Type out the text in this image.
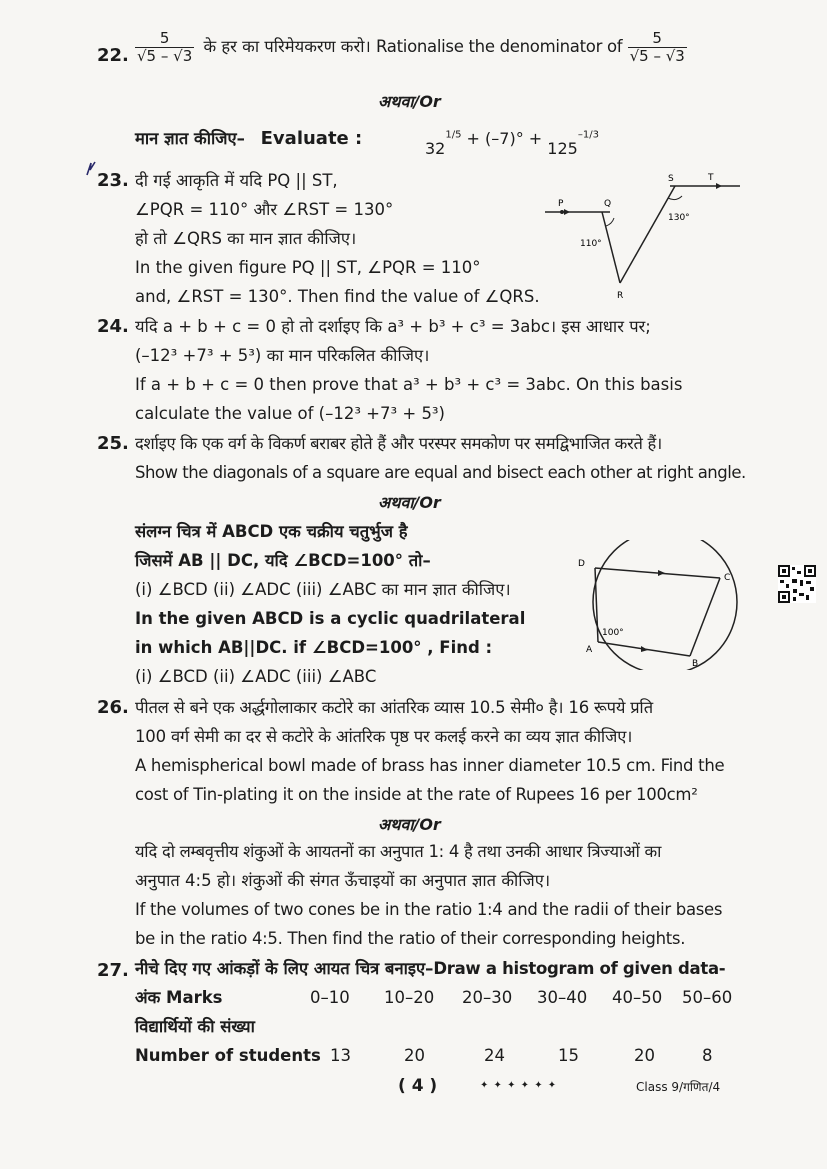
22. $\frac{5}{√5 - √3}$ के हर का परिमेयकरण करो। Rationalise the denominator of $\frac{5}{√5 - √3}$
अथवा/Or
मान ज्ञात कीजिए– Evaluate :	$32^{1/5} + (-7)^\circ + 125^{-1/3}$
23. दी गई आकृति में यदि PQ || ST,
∠PQR = 110° और ∠RST = 130°
हो तो ∠QRS का मान ज्ञात कीजिए।
In the given figure PQ || ST, ∠PQR = 110°
and, ∠RST = 130°. Then find the value of ∠QRS.
P	Q
R
S	T
110°
130°
24. यदि a + b + c = 0 हो तो दर्शाइए कि a³ + b³ + c³ = 3abc। इस आधार पर;
(–12³ +7³ + 5³) का मान परिकलित कीजिए।
If a + b + c = 0 then prove that a³ + b³ + c³ = 3abc. On this basis
calculate the value of (–12³ +7³ + 5³)
25. दर्शाइए कि एक वर्ग के विकर्ण बराबर होते हैं और परस्पर समकोण पर समद्विभाजित करते हैं।
Show the diagonals of a square are equal and bisect each other at right angle.
अथवा/Or
संलग्न चित्र में ABCD एक चक्रीय चतुर्भुज है
जिसमें AB || DC, यदि ∠BCD=100° तो–
(i) ∠BCD (ii) ∠ADC (iii) ∠ABC का मान ज्ञात कीजिए।
In the given ABCD is a cyclic quadrilateral
in which AB||DC. if ∠BCD=100° , Find :
(i) ∠BCD (ii) ∠ADC (iii) ∠ABC
D
C
B
A
100°
26. पीतल से बने एक अर्द्धगोलाकार कटोरे का आंतरिक व्यास 10.5 सेमी० है। 16 रूपये प्रति
100 वर्ग सेमी का दर से कटोरे के आंतरिक पृष्ठ पर कलई करने का व्यय ज्ञात कीजिए।
A hemispherical bowl made of brass has inner diameter 10.5 cm. Find the
cost of Tin-plating it on the inside at the rate of Rupees 16 per 100cm²
अथवा/Or
यदि दो लम्बवृत्तीय शंकुओं के आयतनों का अनुपात 1: 4 है तथा उनकी आधार त्रिज्याओं का
अनुपात 4:5 हो। शंकुओं की संगत ऊँचाइयों का अनुपात ज्ञात कीजिए।
If the volumes of two cones be in the ratio 1:4 and the radii of their bases
be in the ratio 4:5. Then find the ratio of their corresponding heights.
27. नीचे दिए गए आंकड़ों के लिए आयत चित्र बनाइए–Draw a histogram of given data-
अंक Marks	0–10 10–20 20–30 30–40 40–50 50–60
विद्यार्थियों की संख्या
Number of students 13	20	24	15	20	8
( 4 )	✦ ✦ ✦ ✦ ✦ ✦	Class 9/गणित/4
